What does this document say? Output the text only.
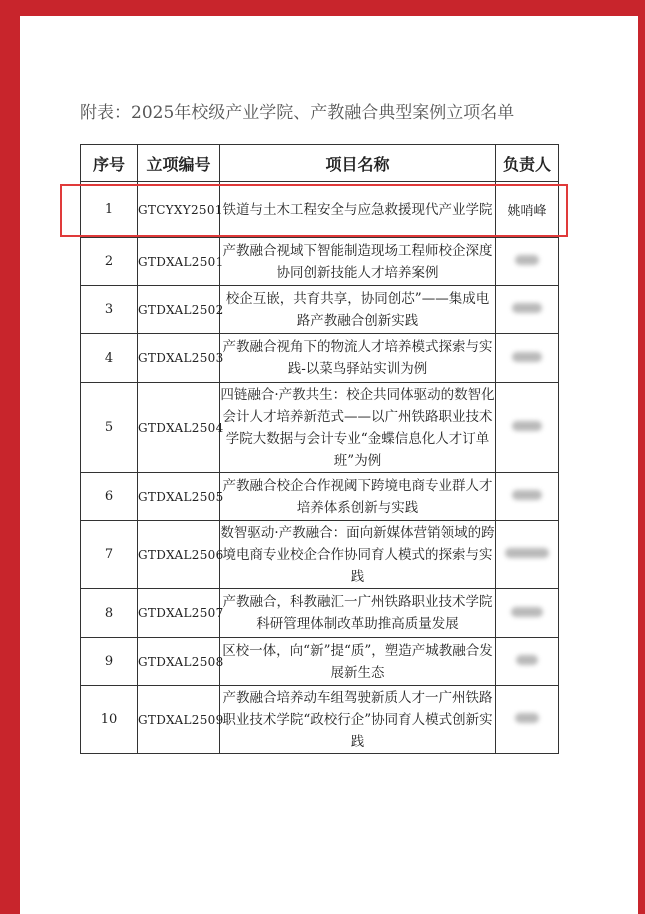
附表：2025年校级产业学院、产教融合典型案例立项名单
序号	立项编号	项目名称	负责人
1	GTCYXY2501	铁道与土木工程安全与应急救援现代产业学院	姚哨峰
2	GTDXAL2501	产教融合视域下智能制造现场工程师校企深度协同创新技能人才培养案例	
3	GTDXAL2502	校企互嵌，共育共享，协同创芯”——集成电路产教融合创新实践	
4	GTDXAL2503	产教融合视角下的物流人才培养模式探索与实践-以菜鸟驿站实训为例	
5	GTDXAL2504	四链融合·产教共生：校企共同体驱动的数智化会计人才培养新范式——以广州铁路职业技术学院大数据与会计专业“金蝶信息化人才订单班”为例	
6	GTDXAL2505	产教融合校企合作视阈下跨境电商专业群人才培养体系创新与实践	
7	GTDXAL2506	数智驱动·产教融合：面向新媒体营销领域的跨境电商专业校企合作协同育人模式的探索与实践	
8	GTDXAL2507	产教融合，科教融汇一广州铁路职业技术学院科研管理体制改革助推高质量发展	
9	GTDXAL2508	区校一体，向“新”提“质”，塑造产城教融合发展新生态	
10	GTDXAL2509	产教融合培养动车组驾驶新质人才一广州铁路职业技术学院“政校行企”协同育人模式创新实践	
